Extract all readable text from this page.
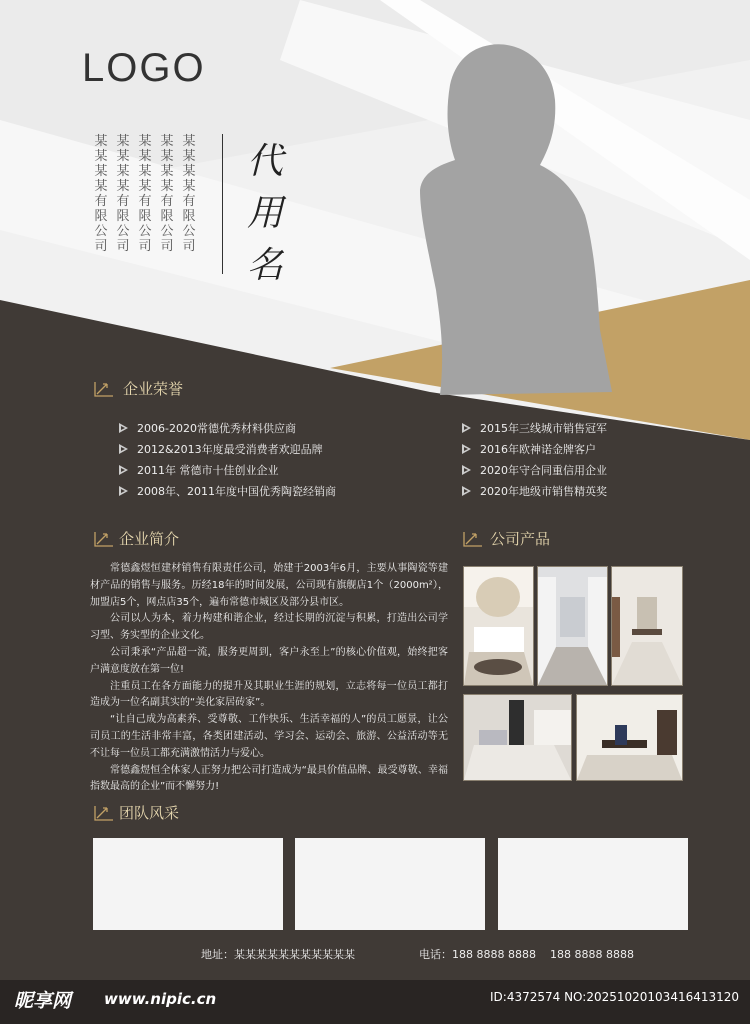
LOGO
某某某某有限公司
某某某某有限公司
某某某某有限公司
某某某某有限公司
某某某某有限公司
代用名
企业荣誉
2006-2020常德优秀材料供应商
2012&2013年度最受消费者欢迎品牌
2011年 常德市十佳创业企业
2008年、2011年度中国优秀陶瓷经销商
2015年三线城市销售冠军
2016年欧神诺金牌客户
2020年守合同重信用企业
2020年地级市销售精英奖
企业简介

常德鑫煜恒建材销售有限责任公司，始建于2003年6月，主要从事陶瓷等建材产品的销售与服务。历经18年的时间发展，公司现有旗舰店1个（2000m²），加盟店5个，网点店35个，遍布常德市城区及部分县市区。

公司以人为本，着力构建和谐企业，经过长期的沉淀与积累，打造出公司学习型、务实型的企业文化。

公司秉承“产品超一流，服务更周到，客户永至上”的核心价值观，始终把客户满意度放在第一位!

注重员工在各方面能力的提升及其职业生涯的规划，立志将每一位员工都打造成为一位名副其实的“美化家居砖家”。

“让自己成为高素养、受尊敬、工作快乐、生活幸福的人”的员工愿景，让公司员工的生活非常丰富，各类团建活动、学习会、运动会、旅游、公益活动等无不让每一位员工都充满激情活力与爱心。

常德鑫煜恒全体家人正努力把公司打造成为“最具价值品牌、最受尊敬、幸福指数最高的企业”而不懈努力!

公司产品
团队风采
地址：某某某某某某某某某某某	电话：188 8888 8888 188 8888 8888
昵享网 www.nipic.cn	ID:4372574 NO:20251020103416413120
